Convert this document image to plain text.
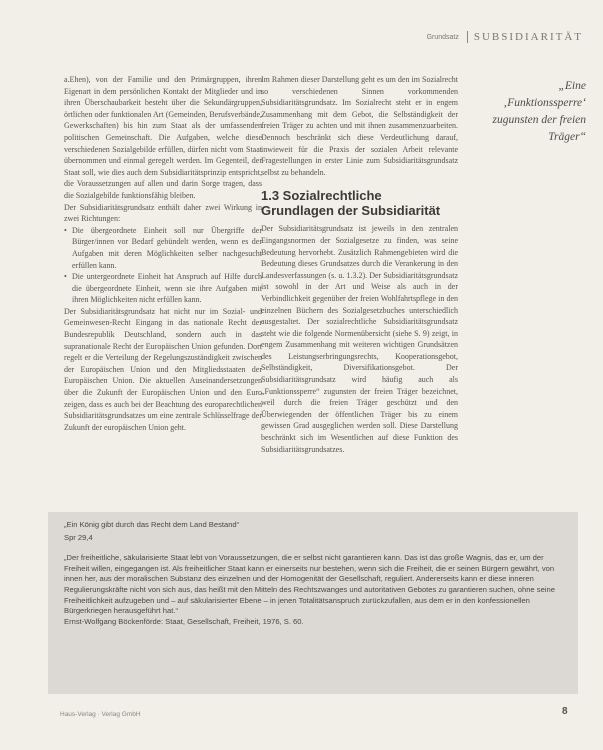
Grundsatz SUBSIDIARITÄT

a.Ehen), von der Familie und den Primärgruppen, ihren Eigenart in dem persönlichen Kontakt der Mitglieder und in ihren Überschaubarkeit besteht über die Sekundärgruppen, örtlichen oder funktionalen Art (Gemeinden, Berufsverbände, Gewerkschaften) bis hin zum Staat als der umfassenden politischen Gemeinschaft. Die Aufgaben, welche diese verschiedenen Sozialgebilde erfüllen, dürfen nicht vom Staat übernommen und einmal geregelt werden. Im Gegenteil, der Staat soll, wie dies auch dem Subsidiaritätsprinzip entspricht, die Voraussetzungen auf allen und darin Sorge tragen, dass die Sozialgebilde funktionsfähig bleiben.

Der Subsidiaritätsgrundsatz enthält daher zwei Wirkung in zwei Richtungen:

• Die übergeordnete Einheit soll nur Übergriffe der Bürger/innen vor Bedarf gebündelt werden, wenn es der Aufgaben mit deren Möglichkeiten selber nachgesucht erfüllen kann.

• Die untergeordnete Einheit hat Anspruch auf Hilfe durch die übergeordnete Einheit, wenn sie ihre Aufgaben mit ihren Möglichkeiten nicht erfüllen kann.

Der Subsidiaritätsgrundsatz hat nicht nur im Sozial- und Gemeinwesen-Recht Eingang in das nationale Recht der Bundesrepublik Deutschland, sondern auch in das supranationale Recht der Europäischen Union gefunden. Dort regelt er die Verteilung der Regelungszuständigkeit zwischen der Europäischen Union und den Mitgliedsstaaten der Europäischen Union. Die aktuellen Auseinandersetzungen über die Zukunft der Europäischen Union und den Euro zeigen, dass es auch bei der Beachtung des europarechtlichen Subsidiaritätsgrundsatzes um eine zentrale Schlüsselfrage der Zukunft der europäischen Union geht.

Im Rahmen dieser Darstellung geht es um den im Sozialrecht so verschiedenen Sinnen vorkommenden Subsidiaritätsgrundsatz. Im Sozialrecht steht er in engem Zusammenhang mit dem Gebot, die Selbständigkeit der freien Träger zu achten und mit ihnen zusammenzuarbeiten. Dennoch beschränkt sich diese Verdeutlichung darauf, inwieweit für die Praxis der sozialen Arbeit relevante Fragestellungen in erster Linie zum Subsidiaritätsgrundsatz selbst zu behandeln.

1.3 Sozialrechtliche Grundlagen der Subsidiarität

Der Subsidiaritätsgrundsatz ist jeweils in den zentralen Eingangsnormen der Sozialgesetze zu finden, was seine Bedeutung hervorhebt. Zusätzlich Rahmengebieten wird die Bedeutung dieses Grundsatzes durch die Verankerung in den Landesverfassungen (s. u. 1.3.2). Der Subsidiaritätsgrundsatz ist sowohl in der Art und Weise als auch in der Verbindlichkeit gegenüber der freien Wohlfahrtspflege in den einzelnen Büchern des Sozialgesetzbuches unterschiedlich ausgestaltet. Der sozialrechtliche Subsidiaritätsgrundsatz steht wie die folgende Normenübersicht (siehe S. 9) zeigt, in engem Zusammenhang mit weiteren wichtigen Grundsätzen des Leistungserbringungsrechts, Kooperationsgebot, Selbständigkeit, Diversifikationsgebot. Der Subsidiaritätsgrundsatz wird häufig auch als „Funktionssperre“ zugunsten der freien Träger bezeichnet, weil durch die freien Träger geschützt und den Überwiegenden der öffentlichen Träger bis zu einem gewissen Grad ausgeglichen werden soll. Diese Darstellung beschränkt sich im Wesentlichen auf diese Funktion des Subsidiaritätsgrundsatzes.

„Eine ‚Funktionssperre‘ zugunsten der freien Träger“

„Ein König gibt durch das Recht dem Land Bestand“

Spr 29,4

„Der freiheitliche, säkularisierte Staat lebt von Voraussetzungen, die er selbst nicht garantieren kann. Das ist das große Wagnis, das er, um der Freiheit willen, eingegangen ist. Als freiheitlicher Staat kann er einerseits nur bestehen, wenn sich die Freiheit, die er seinen Bürgern gewährt, von innen her, aus der moralischen Substanz des einzelnen und der Homogenität der Gesellschaft, reguliert. Andererseits kann er diese inneren Regulierungskräfte nicht von sich aus, das heißt mit den Mitteln des Rechtszwanges und autoritativen Gebotes zu garantieren suchen, ohne seine Freiheitlichkeit aufzugeben und – auf säkularisierter Ebene – in jenen Totalitätsanspruch zurückzufallen, aus dem er in den konfessionellen Bürgerkriegen herausgeführt hat.“

Ernst-Wolfgang Böckenförde: Staat, Gesellschaft, Freiheit, 1976, S. 60.

Haus-Verlag · Verlag GmbH	8
